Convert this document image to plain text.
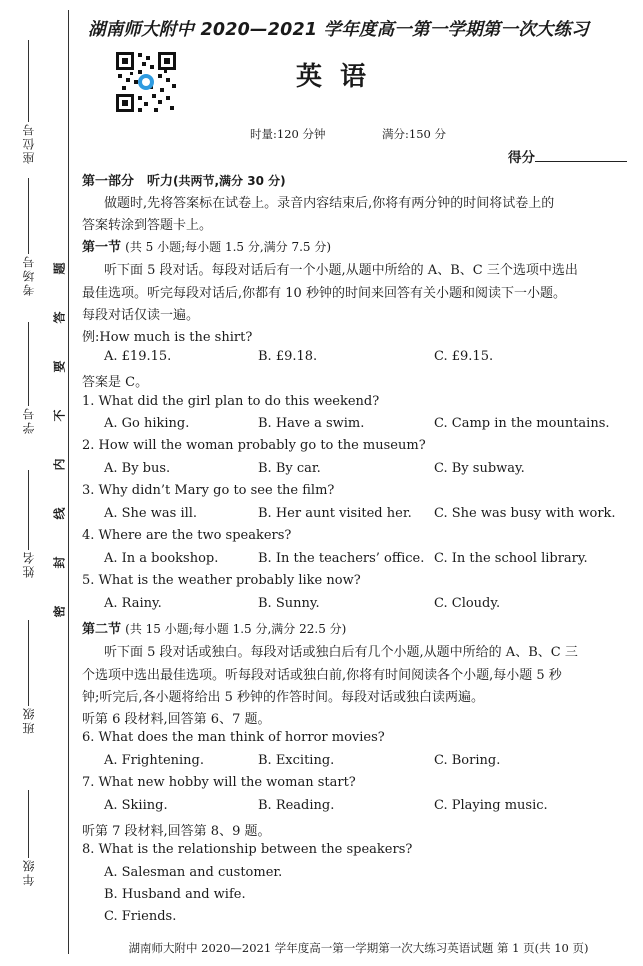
座位号
考场号
学号
姓名
班级
年级
题
答
要
不
内
线
封
密
湖南师大附中 2020—2021 学年度高一第一学期第一次大练习
英语
时量:120 分钟	满分:150 分
得分
第一部分　听力(共两节,满分 30 分)
做题时,先将答案标在试卷上。录音内容结束后,你将有两分钟的时间将试卷上的
答案转涂到答题卡上。
第一节 (共 5 小题;每小题 1.5 分,满分 7.5 分)
听下面 5 段对话。每段对话后有一个小题,从题中所给的 A、B、C 三个选项中选出
最佳选项。听完每段对话后,你都有 10 秒钟的时间来回答有关小题和阅读下一小题。
每段对话仅读一遍。
例:How much is the shirt?
A. £19.15.	B. £9.18.	C. £9.15.
答案是 C。
1. What did the girl plan to do this weekend?
A. Go hiking.	B. Have a swim.	C. Camp in the mountains.
2. How will the woman probably go to the museum?
A. By bus.	B. By car.	C. By subway.
3. Why didn’t Mary go to see the film?
A. She was ill.	B. Her aunt visited her. C. She was busy with work.
4. Where are the two speakers?
A. In a bookshop.	B. In the teachers’ office. C. In the school library.
5. What is the weather probably like now?
A. Rainy.	B. Sunny.	C. Cloudy.
第二节 (共 15 小题;每小题 1.5 分,满分 22.5 分)
听下面 5 段对话或独白。每段对话或独白后有几个小题,从题中所给的 A、B、C 三
个选项中选出最佳选项。听每段对话或独白前,你将有时间阅读各个小题,每小题 5 秒
钟;听完后,各小题将给出 5 秒钟的作答时间。每段对话或独白读两遍。
听第 6 段材料,回答第 6、7 题。
6. What does the man think of horror movies?
A. Frightening.	B. Exciting.	C. Boring.
7. What new hobby will the woman start?
A. Skiing.	B. Reading.	C. Playing music.
听第 7 段材料,回答第 8、9 题。
8. What is the relationship between the speakers?
A. Salesman and customer.
B. Husband and wife.
C. Friends.
湖南师大附中 2020—2021 学年度高一第一学期第一次大练习英语试题 第 1 页(共 10 页)
